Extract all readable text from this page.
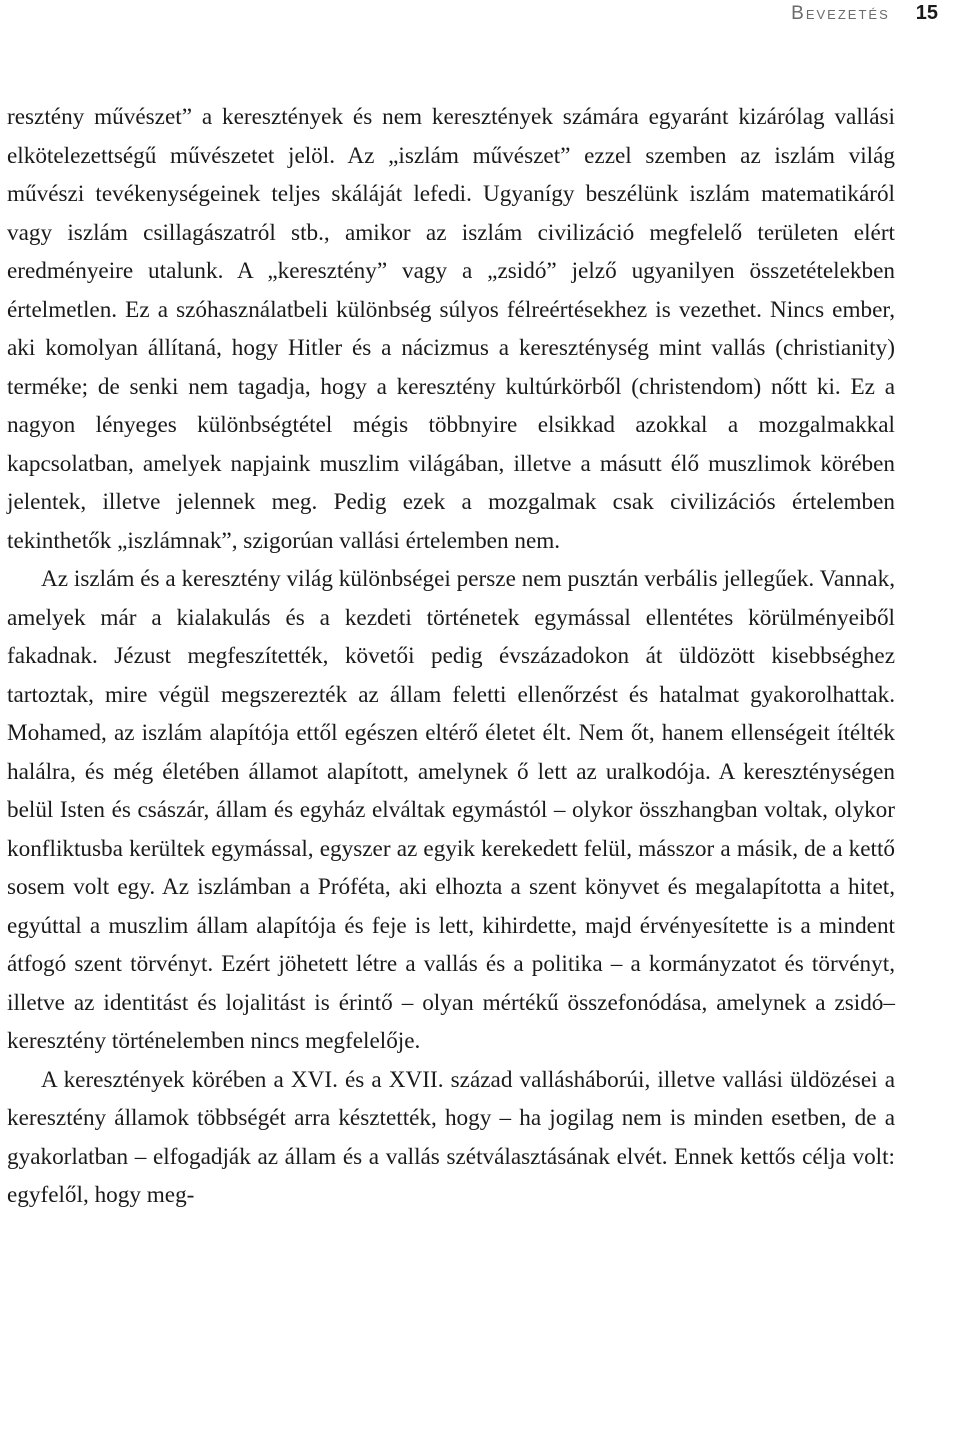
Bevezetés 15

resztény művészet” a keresztények és nem keresztények számára egyaránt kizárólag vallási elkötelezettségű művészetet jelöl. Az „iszlám művészet” ezzel szemben az iszlám világ művészi tevékenységeinek teljes skáláját lefedi. Ugyanígy beszélünk iszlám matematikáról vagy iszlám csillagászatról stb., amikor az iszlám civilizáció megfelelő területen elért eredményeire utalunk. A „keresztény” vagy a „zsidó” jelző ugyanilyen összetételekben értelmetlen. Ez a szóhasználatbeli különbség súlyos félreértésekhez is vezethet. Nincs ember, aki komolyan állítaná, hogy Hitler és a nácizmus a kereszténység mint vallás (christianity) terméke; de senki nem tagadja, hogy a keresztény kultúrkörből (christendom) nőtt ki. Ez a nagyon lényeges különbségtétel mégis többnyire elsikkad azokkal a mozgalmakkal kapcsolatban, amelyek napjaink muszlim világában, illetve a másutt élő muszlimok körében jelentek, illetve jelennek meg. Pedig ezek a mozgalmak csak civilizációs értelemben tekinthetők „iszlámnak”, szigorúan vallási értelemben nem.

Az iszlám és a keresztény világ különbségei persze nem pusztán verbális jellegűek. Vannak, amelyek már a kialakulás és a kezdeti történetek egymással ellentétes körülményeiből fakadnak. Jézust megfeszítették, követői pedig évszázadokon át üldözött kisebbséghez tartoztak, mire végül megszerezték az állam feletti ellenőrzést és hatalmat gyakorolhattak. Mohamed, az iszlám alapítója ettől egészen eltérő életet élt. Nem őt, hanem ellenségeit ítélték halálra, és még életében államot alapított, amelynek ő lett az uralkodója. A kereszténységen belül Isten és császár, állam és egyház elváltak egymástól – olykor összhangban voltak, olykor konfliktusba kerültek egymással, egyszer az egyik kerekedett felül, másszor a másik, de a kettő sosem volt egy. Az iszlámban a Próféta, aki elhozta a szent könyvet és megalapította a hitet, egyúttal a muszlim állam alapítója és feje is lett, kihirdette, majd érvényesítette is a mindent átfogó szent törvényt. Ezért jöhetett létre a vallás és a politika – a kormányzatot és törvényt, illetve az identitást és lojalitást is érintő – olyan mértékű összefonódása, amelynek a zsidó–keresztény történelemben nincs megfelelője.

A keresztények körében a XVI. és a XVII. század vallásháborúi, illetve vallási üldözései a keresztény államok többségét arra késztették, hogy – ha jogilag nem is minden esetben, de a gyakorlatban – elfogadják az állam és a vallás szétválasztásának elvét. Ennek kettős célja volt: egyfelől, hogy meg-
